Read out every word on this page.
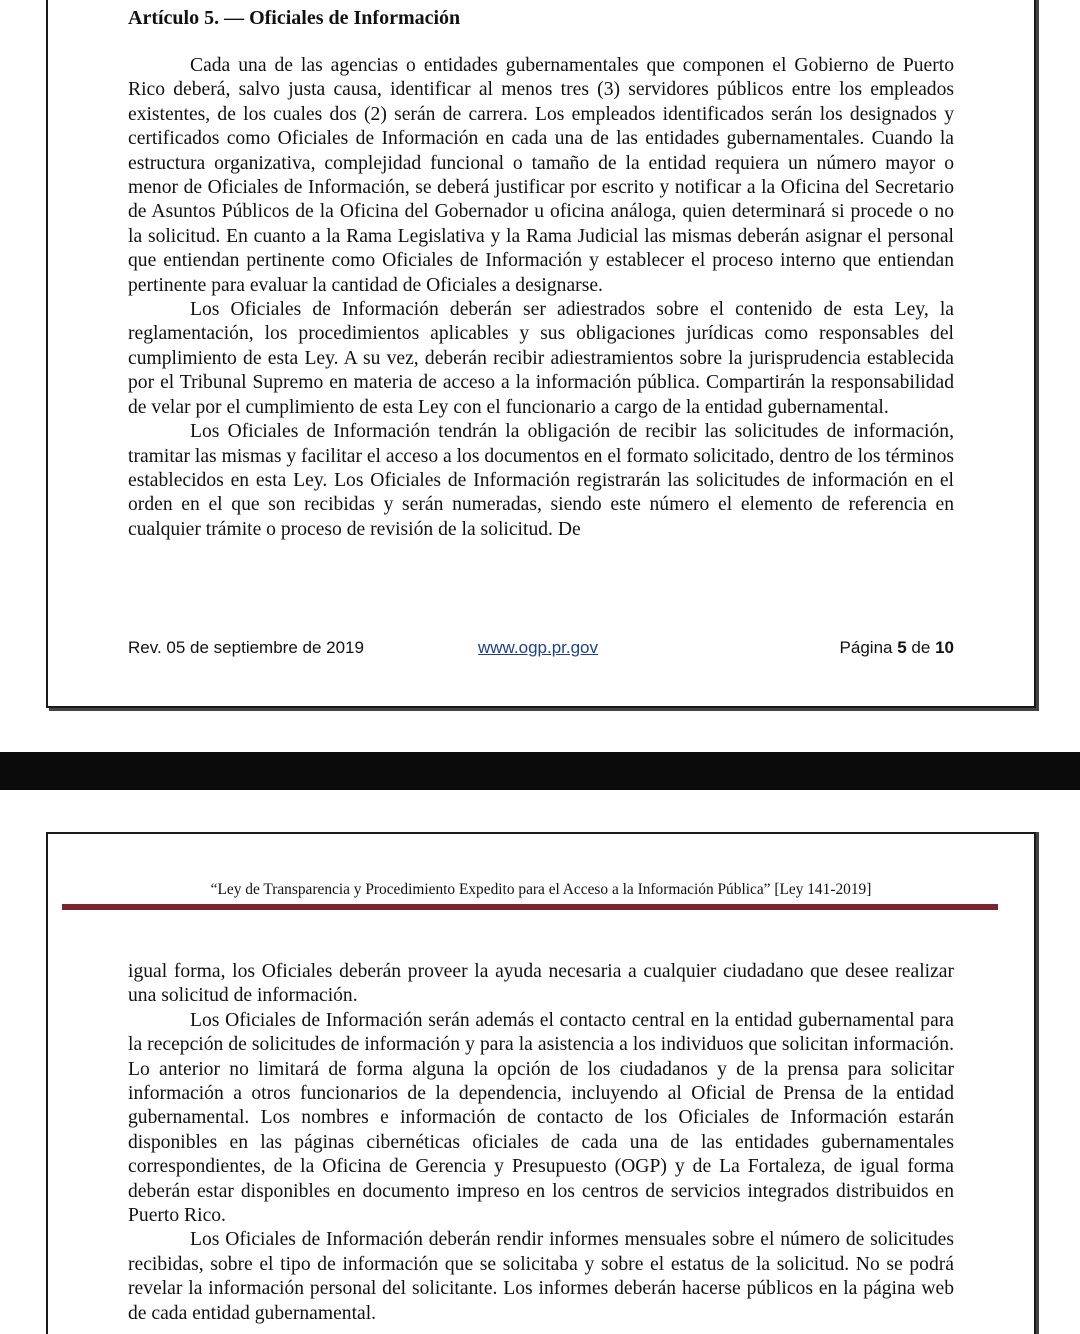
Artículo 5. — Oficiales de Información

Cada una de las agencias o entidades gubernamentales que componen el Gobierno de Puerto Rico deberá, salvo justa causa, identificar al menos tres (3) servidores públicos entre los empleados existentes, de los cuales dos (2) serán de carrera. Los empleados identificados serán los designados y certificados como Oficiales de Información en cada una de las entidades gubernamentales. Cuando la estructura organizativa, complejidad funcional o tamaño de la entidad requiera un número mayor o menor de Oficiales de Información, se deberá justificar por escrito y notificar a la Oficina del Secretario de Asuntos Públicos de la Oficina del Gobernador u oficina análoga, quien determinará si procede o no la solicitud. En cuanto a la Rama Legislativa y la Rama Judicial las mismas deberán asignar el personal que entiendan pertinente como Oficiales de Información y establecer el proceso interno que entiendan pertinente para evaluar la cantidad de Oficiales a designarse.

Los Oficiales de Información deberán ser adiestrados sobre el contenido de esta Ley, la reglamentación, los procedimientos aplicables y sus obligaciones jurídicas como responsables del cumplimiento de esta Ley. A su vez, deberán recibir adiestramientos sobre la jurisprudencia establecida por el Tribunal Supremo en materia de acceso a la información pública. Compartirán la responsabilidad de velar por el cumplimiento de esta Ley con el funcionario a cargo de la entidad gubernamental.

Los Oficiales de Información tendrán la obligación de recibir las solicitudes de información, tramitar las mismas y facilitar el acceso a los documentos en el formato solicitado, dentro de los términos establecidos en esta Ley. Los Oficiales de Información registrarán las solicitudes de información en el orden en el que son recibidas y serán numeradas, siendo este número el elemento de referencia en cualquier trámite o proceso de revisión de la solicitud. De

Rev. 05 de septiembre de 2019	www.ogp.pr.gov	Página 5 de 10
“Ley de Transparencia y Procedimiento Expedito para el Acceso a la Información Pública” [Ley 141-2019]

igual forma, los Oficiales deberán proveer la ayuda necesaria a cualquier ciudadano que desee realizar una solicitud de información.

Los Oficiales de Información serán además el contacto central en la entidad gubernamental para la recepción de solicitudes de información y para la asistencia a los individuos que solicitan información. Lo anterior no limitará de forma alguna la opción de los ciudadanos y de la prensa para solicitar información a otros funcionarios de la dependencia, incluyendo al Oficial de Prensa de la entidad gubernamental. Los nombres e información de contacto de los Oficiales de Información estarán disponibles en las páginas cibernéticas oficiales de cada una de las entidades gubernamentales correspondientes, de la Oficina de Gerencia y Presupuesto (OGP) y de La Fortaleza, de igual forma deberán estar disponibles en documento impreso en los centros de servicios integrados distribuidos en Puerto Rico.

Los Oficiales de Información deberán rendir informes mensuales sobre el número de solicitudes recibidas, sobre el tipo de información que se solicitaba y sobre el estatus de la solicitud. No se podrá revelar la información personal del solicitante. Los informes deberán hacerse públicos en la página web de cada entidad gubernamental.
